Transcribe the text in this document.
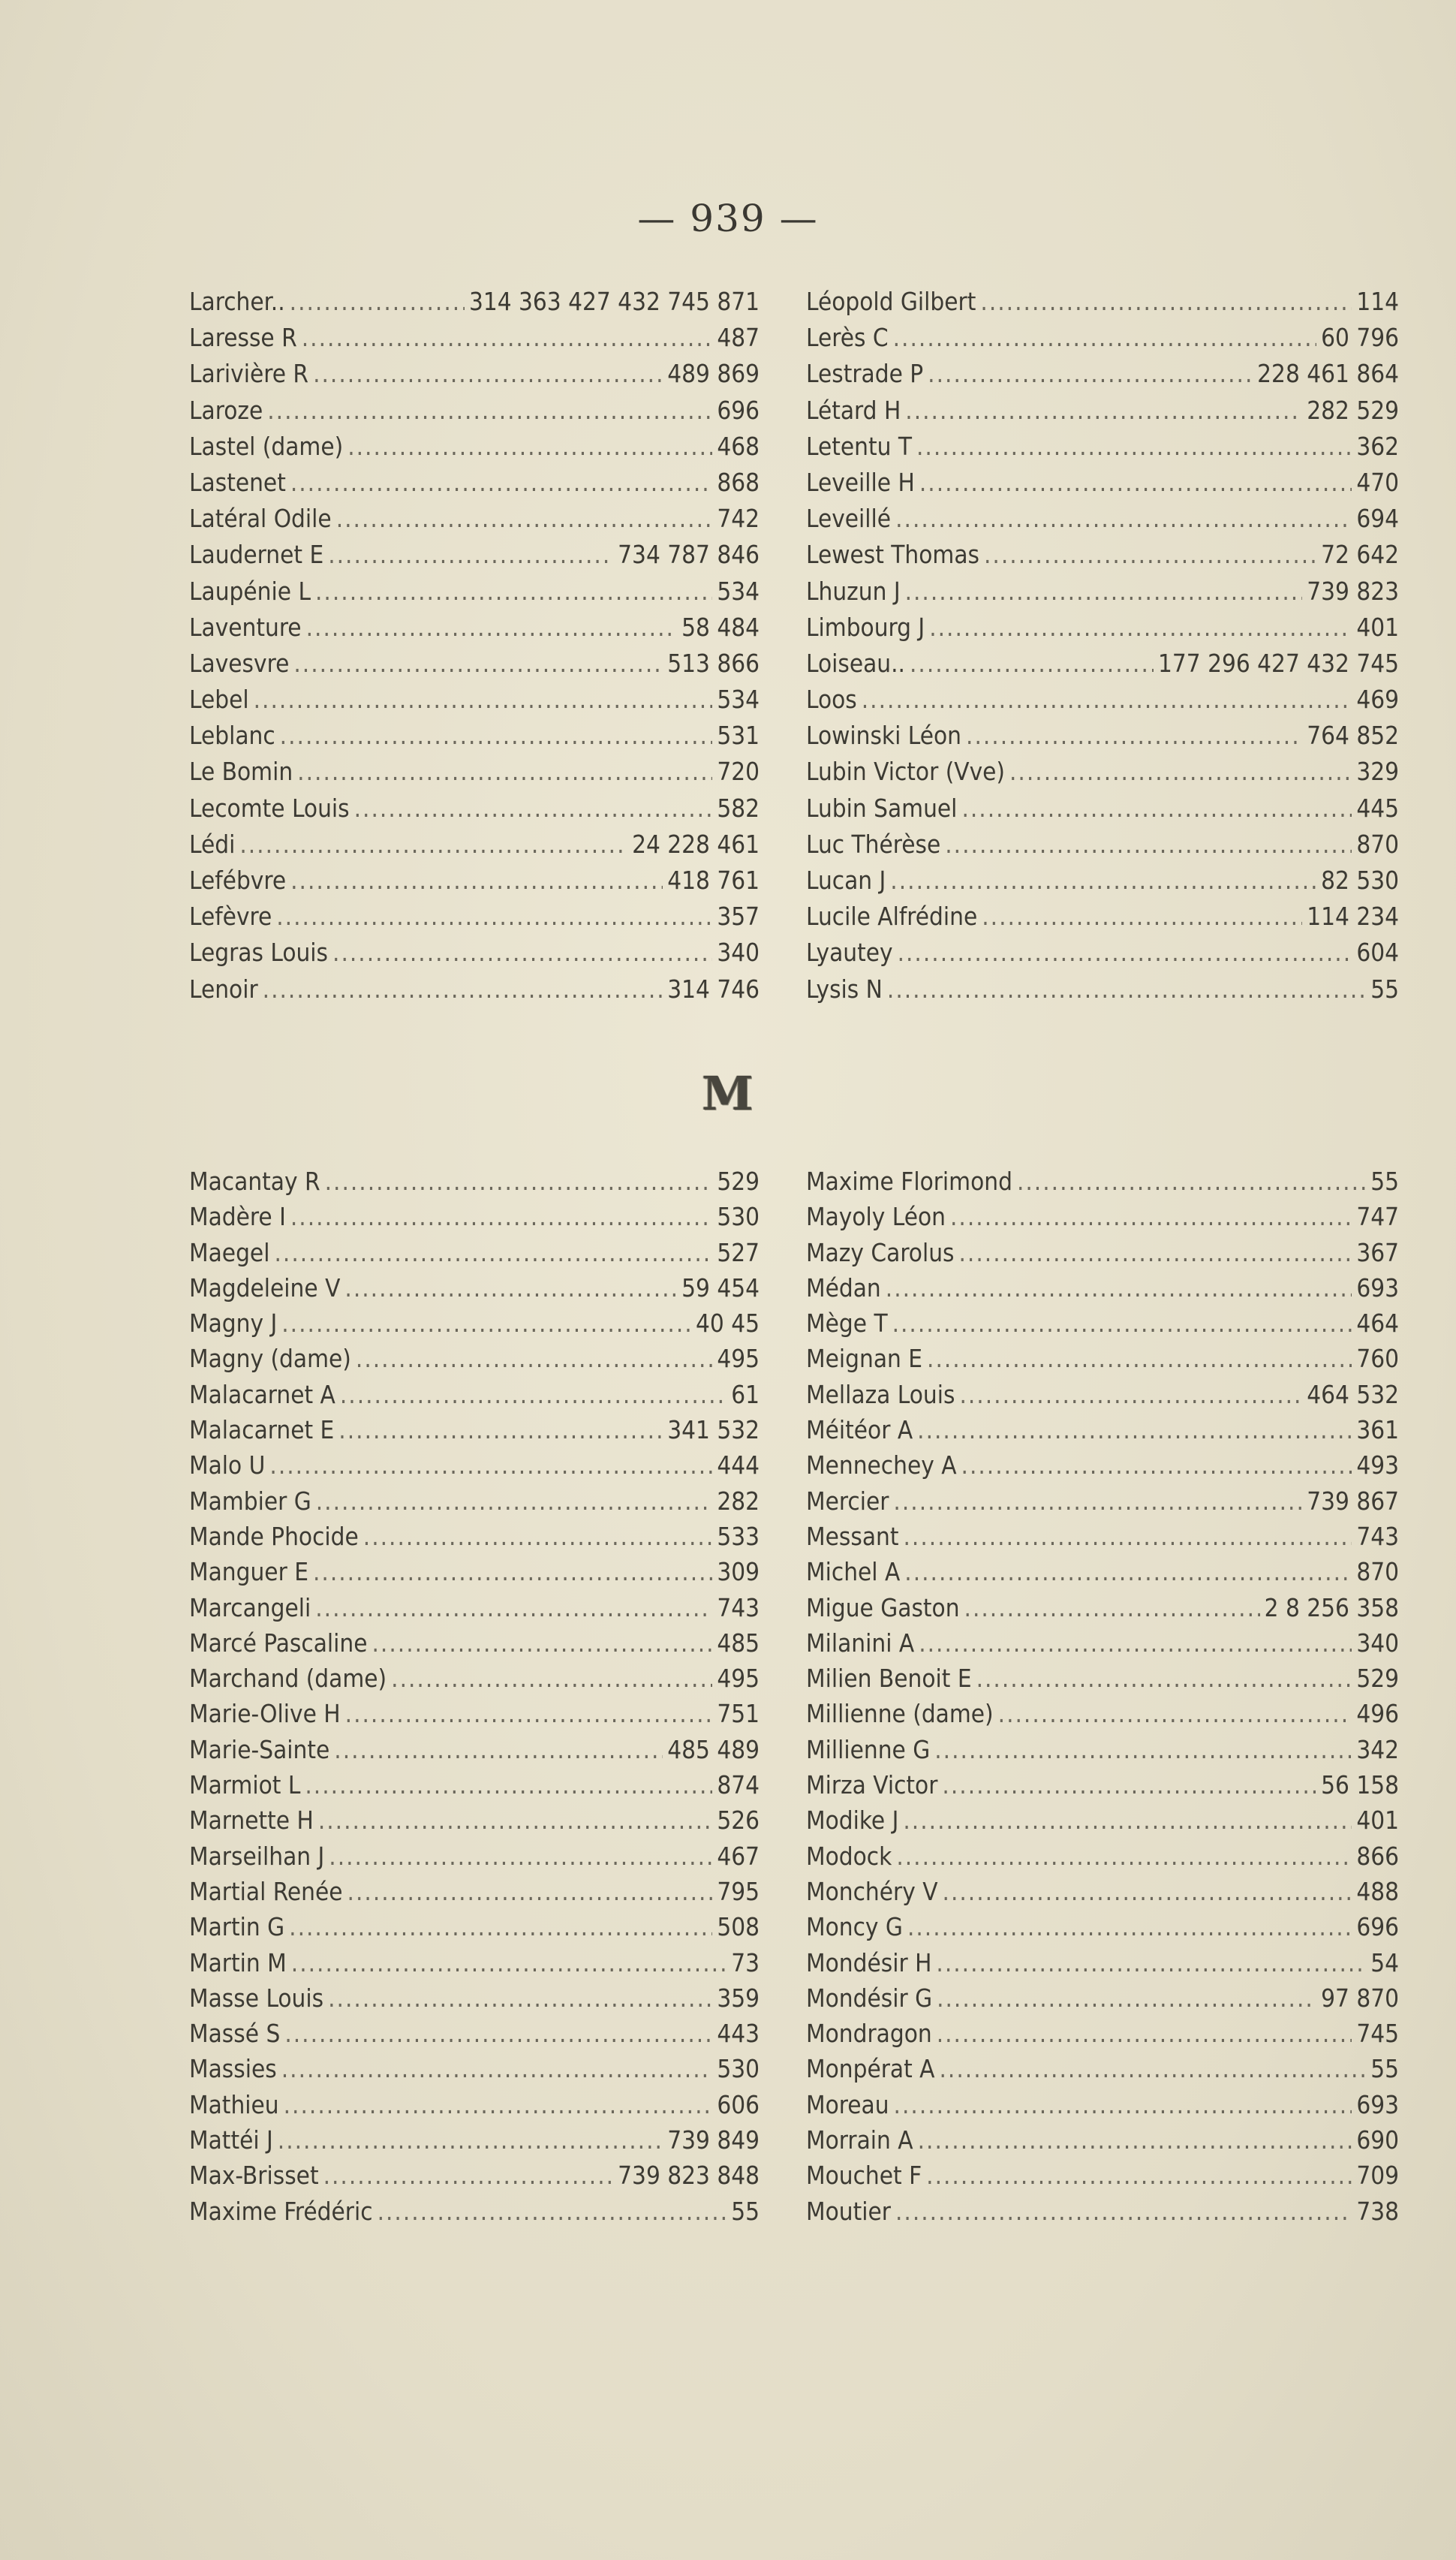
— 939 —
Larcher.. .....	314 363 427 432 745 871
Laresse R .....	487
Larivière R .....	489 869
Laroze .....	696
Lastel (dame) .....	468
Lastenet .....	868
Latéral Odile .....	742
Laudernet E .....	734 787 846
Laupénie L .....	534
Laventure .....	58 484
Lavesvre .....	513 866
Lebel .....	534
Leblanc .....	531
Le Bomin .....	720
Lecomte Louis .....	582
Lédi .....	24 228 461
Lefébvre .....	418 761
Lefèvre .....	357
Legras Louis .....	340
Lenoir .....	314 746
Léopold Gilbert .....	114
Lerès C .....	60 796
Lestrade P .....	228 461 864
Létard H .....	282 529
Letentu T .....	362
Leveille H .....	470
Leveillé .....	694
Lewest Thomas .....	72 642
Lhuzun J .....	739 823
Limbourg J .....	401
Loiseau.. .....	177 296 427 432 745
Loos .....	469
Lowinski Léon .....	764 852
Lubin Victor (Vve) .....	329
Lubin Samuel .....	445
Luc Thérèse .....	870
Lucan J .....	82 530
Lucile Alfrédine .....	114 234
Lyautey .....	604
Lysis N .....	55
M
Macantay R .....	529
Madère I .....	530
Maegel .....	527
Magdeleine V .....	59 454
Magny J .....	40 45
Magny (dame) .....	495
Malacarnet A .....	61
Malacarnet E .....	341 532
Malo U .....	444
Mambier G .....	282
Mande Phocide .....	533
Manguer E .....	309
Marcangeli .....	743
Marcé Pascaline .....	485
Marchand (dame) .....	495
Marie-Olive H .....	751
Marie-Sainte .....	485 489
Marmiot L .....	874
Marnette H .....	526
Marseilhan J .....	467
Martial Renée .....	795
Martin G .....	508
Martin M .....	73
Masse Louis .....	359
Massé S .....	443
Massies .....	530
Mathieu .....	606
Mattéi J .....	739 849
Max-Brisset .....	739 823 848
Maxime Frédéric .....	55
Maxime Florimond .....	55
Mayoly Léon .....	747
Mazy Carolus .....	367
Médan .....	693
Mège T .....	464
Meignan E .....	760
Mellaza Louis .....	464 532
Méitéor A .....	361
Mennechey A .....	493
Mercier .....	739 867
Messant .....	743
Michel A .....	870
Migue Gaston .....	2 8 256 358
Milanini A .....	340
Milien Benoit E .....	529
Millienne (dame) .....	496
Millienne G .....	342
Mirza Victor .....	56 158
Modike J .....	401
Modock .....	866
Monchéry V .....	488
Moncy G .....	696
Mondésir H .....	54
Mondésir G .....	97 870
Mondragon .....	745
Monpérat A .....	55
Moreau .....	693
Morrain A .....	690
Mouchet F .....	709
Moutier .....	738
